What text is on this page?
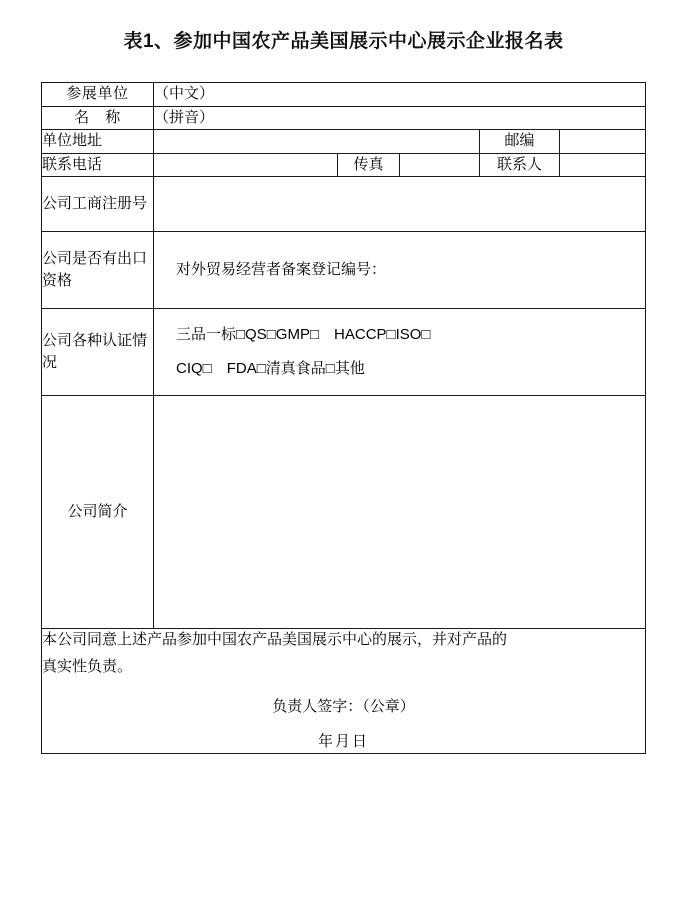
表1、参加中国农产品美国展示中心展示企业报名表
参展单位	（中文）				
名　称	（拼音）				
单位地址				邮编	
联系电话		传真		联系人	
公司工商注册号					
公司是否有出口资格	对外贸易经营者备案登记编号：				

公司各种认证情况	三品一标□QS□GMP□　HACCP□ISO□
CIQ□　FDA□清真食品□其他				

公司简介					

本公司同意上述产品参加中国农产品美国展示中心的展示，并对产品的
真实性负责。
负责人签字：（公章）
年月日					
